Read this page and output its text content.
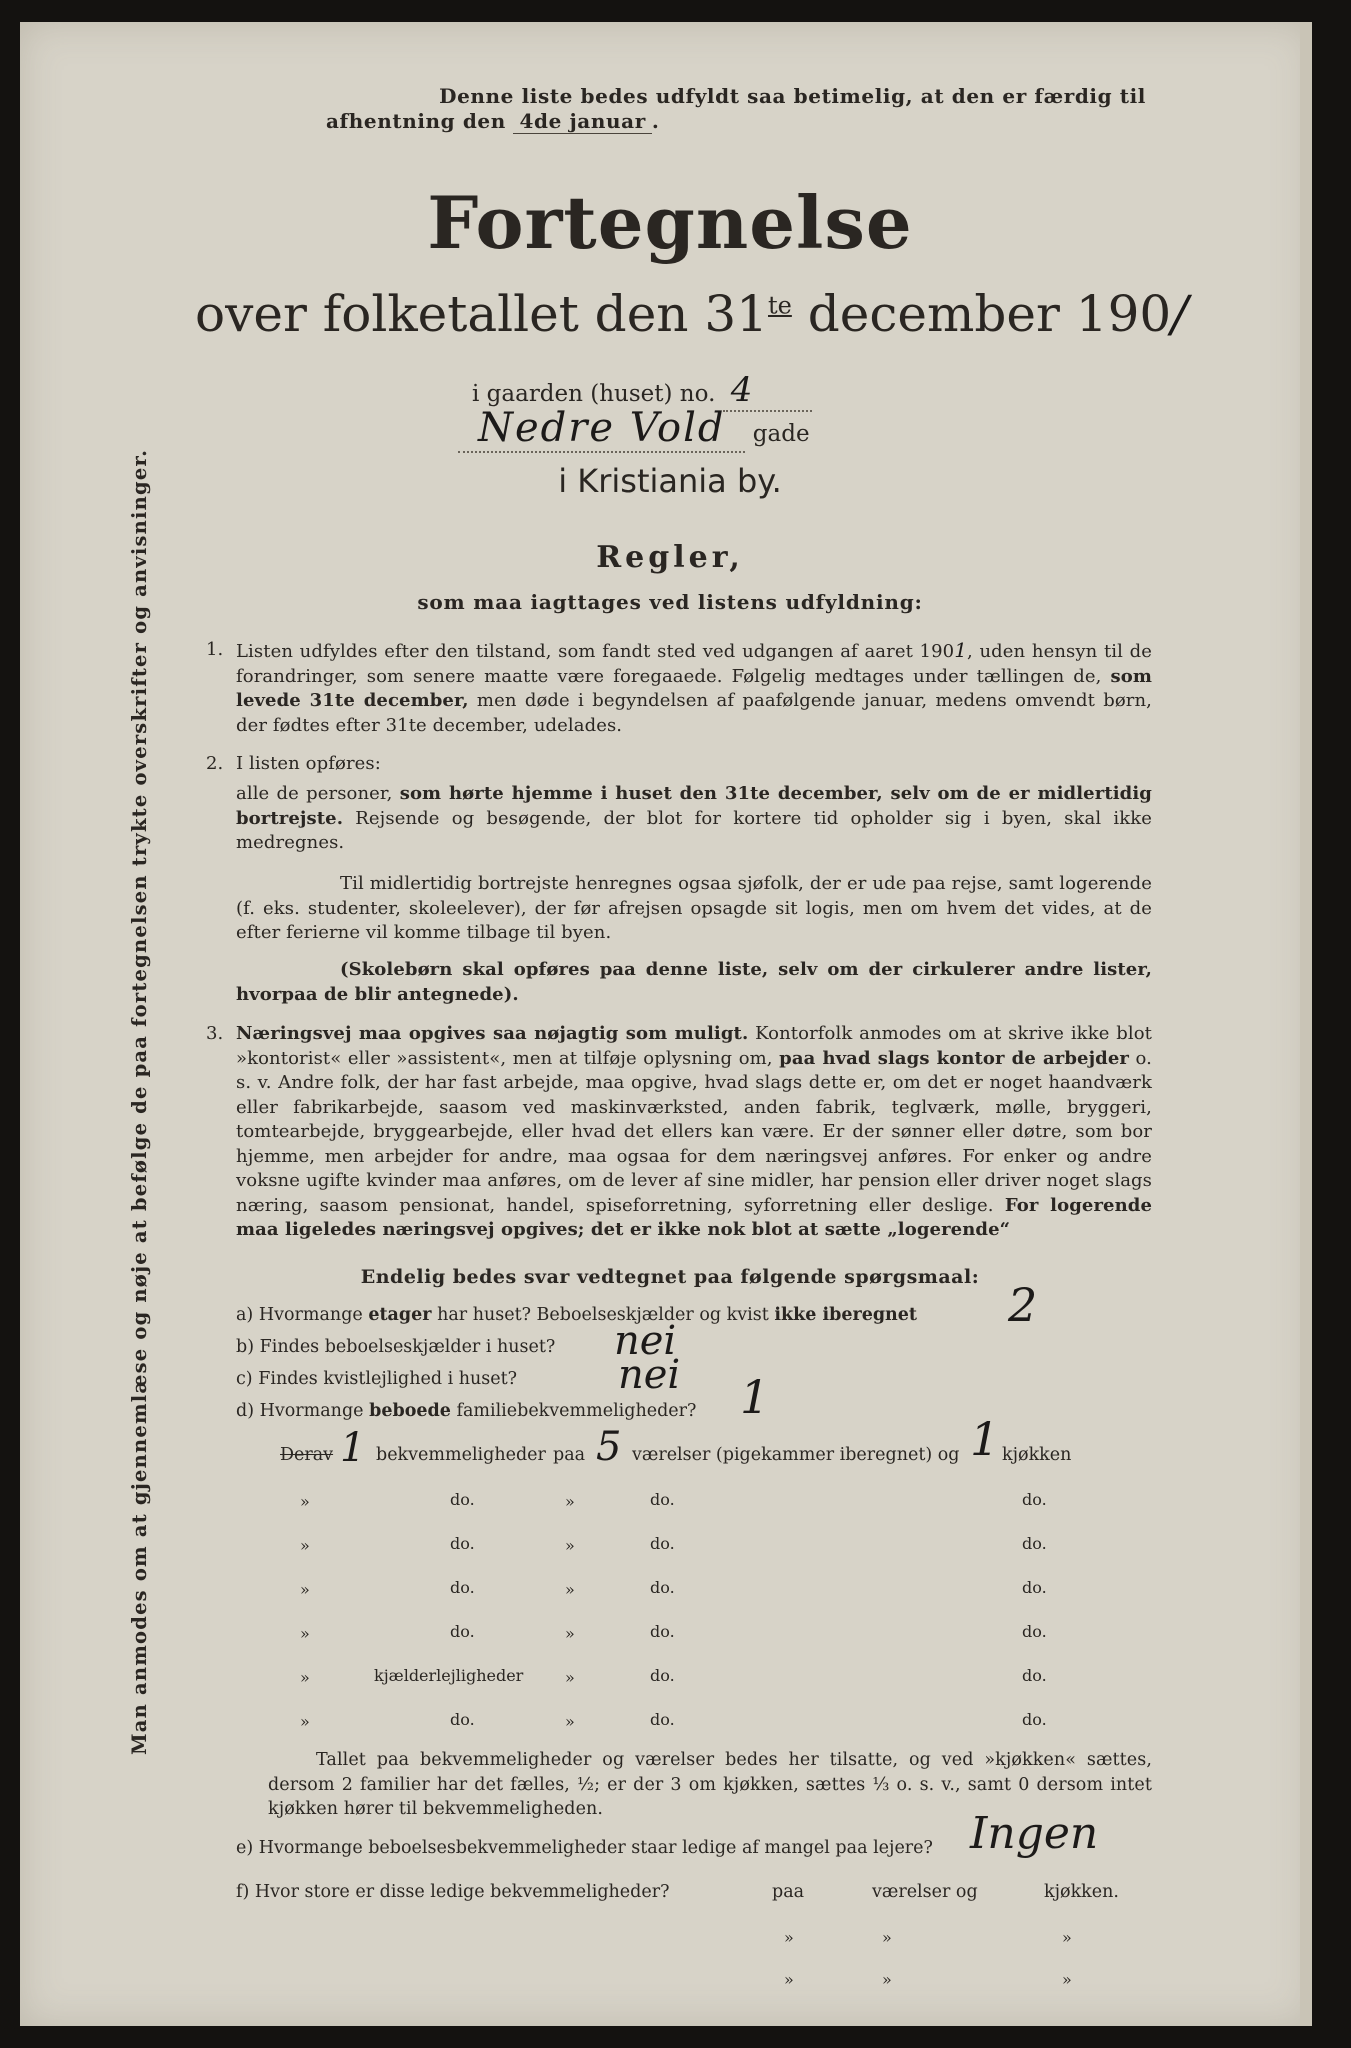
Man anmodes om at gjennemlæse og nøje at befølge de paa fortegnelsen trykte overskrifter og anvisninger.
Denne liste bedes udfyldt saa betimelig, at den er færdig til
afhentning den 4de januar .
Fortegnelse
over folketallet den $31^{te}$ december 190/
i gaarden (huset) no. 4
Nedre Vold gade
i Kristiania by.
Regler,
som maa iagttages ved listens udfyldning:
1. Listen udfyldes efter den tilstand, som fandt sted ved udgangen af aaret 1901, uden hensyn til de forandringer, som senere maatte være foregaaede. Følgelig medtages under tællingen de, som levede 31te december, men døde i begyndelsen af paafølgende januar, medens omvendt børn, der fødtes efter 31te december, udelades.
2. I listen opføres:
alle de personer, som hørte hjemme i huset den 31te december, selv om de er midlertidig bortrejste. Rejsende og besøgende, der blot for kortere tid opholder sig i byen, skal ikke medregnes.
Til midlertidig bortrejste henregnes ogsaa sjøfolk, der er ude paa rejse, samt logerende (f. eks. studenter, skoleelever), der før afrejsen opsagde sit logis, men om hvem det vides, at de efter ferierne vil komme tilbage til byen.
(Skolebørn skal opføres paa denne liste, selv om der cirkulerer andre lister, hvorpaa de blir antegnede).
3. Næringsvej maa opgives saa nøjagtig som muligt. Kontorfolk anmodes om at skrive ikke blot »kontorist« eller »assistent«, men at tilføje oplysning om, paa hvad slags kontor de arbejder o. s. v. Andre folk, der har fast arbejde, maa opgive, hvad slags dette er, om det er noget haandværk eller fabrikarbejde, saasom ved maskinværksted, anden fabrik, teglværk, mølle, bryggeri, tomtearbejde, bryggearbejde, eller hvad det ellers kan være. Er der sønner eller døtre, som bor hjemme, men arbejder for andre, maa ogsaa for dem næringsvej anføres. For enker og andre voksne ugifte kvinder maa anføres, om de lever af sine midler, har pension eller driver noget slags næring, saasom pensionat, handel, spiseforretning, syforretning eller deslige. For logerende maa ligeledes næringsvej opgives; det er ikke nok blot at sætte „logerende“
Endelig bedes svar vedtegnet paa følgende spørgsmaal:
a) Hvormange etager har huset? Beboelseskjælder og kvist ikke iberegnet	2
b) Findes beboelseskjælder i huset? nei
c) Findes kvistlejlighed i huset?	nei
d) Hvormange beboede familiebekvemmeligheder? 1
Derav 1 bekvemmeligheder paa 5 værelser (pigekammer iberegnet) og 1 kjøkken
»	do.	»	do.	do.
»	do.	»	do.	do.
»	do.	»	do.	do.
»	do.	»	do.	do.
»	kjælderlejligheder	»	do.	do.
»	do.	»	do.	do.
Tallet paa bekvemmeligheder og værelser bedes her tilsatte, og ved »kjøkken« sættes, dersom 2 familier har det fælles, ½; er der 3 om kjøkken, sættes ⅓ o. s. v., samt 0 dersom intet kjøkken hører til bekvemmeligheden.
e) Hvormange beboelsesbekvemmeligheder staar ledige af mangel paa lejere? Ingen
f) Hvor store er disse ledige bekvemmeligheder?	paa	værelser og	kjøkken.
»	»	»
»	»	»
